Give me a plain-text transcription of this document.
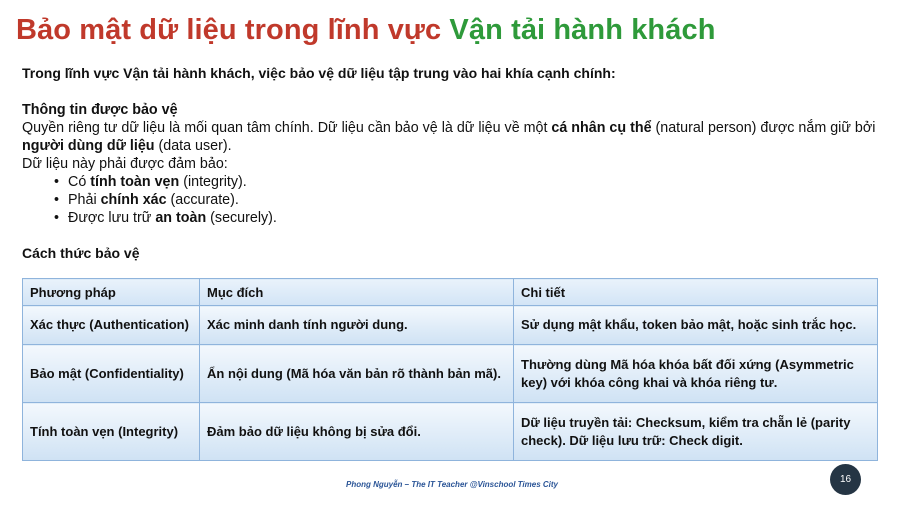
Bảo mật dữ liệu trong lĩnh vực Vận tải hành khách
Trong lĩnh vực Vận tải hành khách, việc bảo vệ dữ liệu tập trung vào hai khía cạnh chính:
Thông tin được bảo vệ
Quyền riêng tư dữ liệu là mối quan tâm chính. Dữ liệu cần bảo vệ là dữ liệu về một cá nhân cụ thể (natural person) được nắm giữ bởi người dùng dữ liệu (data user).
Dữ liệu này phải được đảm bảo:
• Có tính toàn vẹn (integrity).
• Phải chính xác (accurate).
• Được lưu trữ an toàn (securely).
Cách thức bảo vệ
Phương pháp	Mục đích	Chi tiết
Xác thực (Authentication)	Xác minh danh tính người dung.	Sử dụng mật khẩu, token bảo mật, hoặc sinh trắc học.
Bảo mật (Confidentiality)	Ẩn nội dung (Mã hóa văn bản rõ thành bản mã).	Thường dùng Mã hóa khóa bất đối xứng (Asymmetric key) với khóa công khai và khóa riêng tư.
Tính toàn vẹn (Integrity)	Đảm bảo dữ liệu không bị sửa đổi.	Dữ liệu truyền tải: Checksum, kiểm tra chẵn lẻ (parity check). Dữ liệu lưu trữ: Check digit.
Phong Nguyễn – The IT Teacher @Vinschool Times City	16
